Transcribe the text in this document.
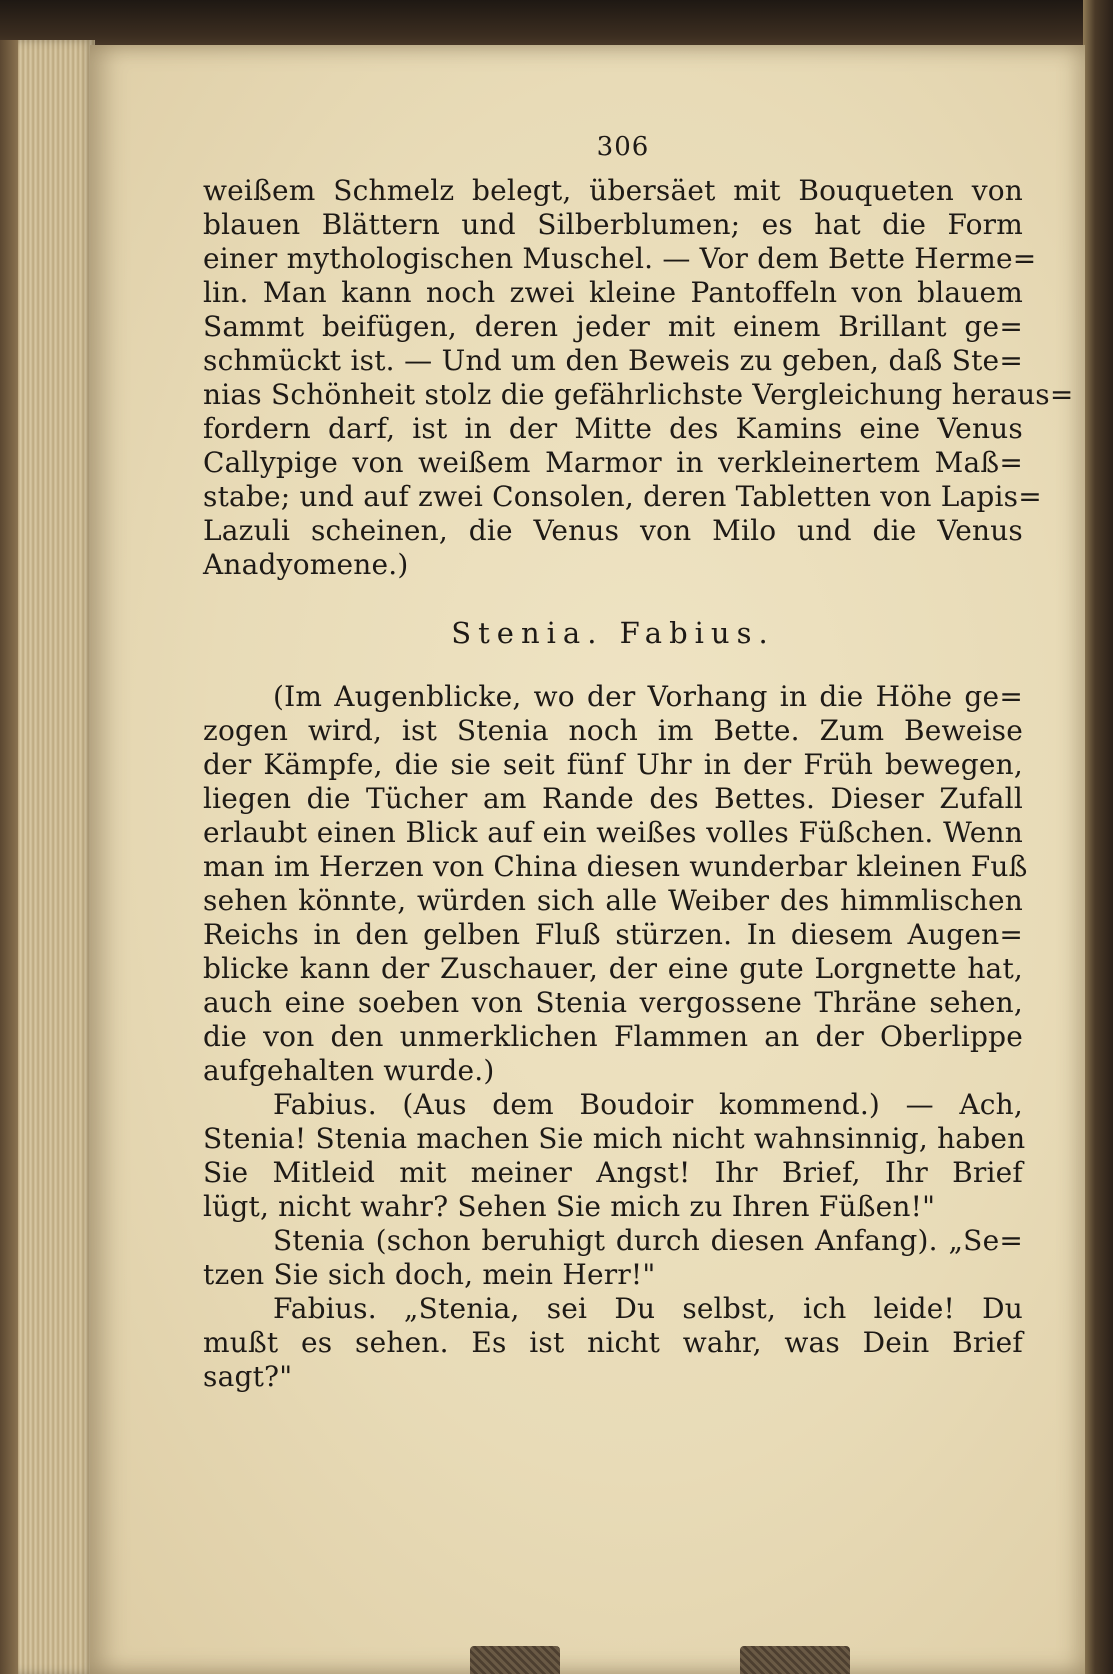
306
weißem Schmelz belegt, übersäet mit Bouqueten von
blauen Blättern und Silberblumen; es hat die Form
einer mythologischen Muschel. — Vor dem Bette Herme=
lin. Man kann noch zwei kleine Pantoffeln von blauem
Sammt beifügen, deren jeder mit einem Brillant ge=
schmückt ist. — Und um den Beweis zu geben, daß Ste=
nias Schönheit stolz die gefährlichste Vergleichung heraus=
fordern darf, ist in der Mitte des Kamins eine Venus
Callypige von weißem Marmor in verkleinertem Maß=
stabe; und auf zwei Consolen, deren Tabletten von Lapis=
Lazuli scheinen, die Venus von Milo und die Venus
Anadyomene.)
Stenia. Fabius.
(Im Augenblicke, wo der Vorhang in die Höhe ge=
zogen wird, ist Stenia noch im Bette. Zum Beweise
der Kämpfe, die sie seit fünf Uhr in der Früh bewegen,
liegen die Tücher am Rande des Bettes. Dieser Zufall
erlaubt einen Blick auf ein weißes volles Füßchen. Wenn
man im Herzen von China diesen wunderbar kleinen Fuß
sehen könnte, würden sich alle Weiber des himmlischen
Reichs in den gelben Fluß stürzen. In diesem Augen=
blicke kann der Zuschauer, der eine gute Lorgnette hat,
auch eine soeben von Stenia vergossene Thräne sehen,
die von den unmerklichen Flammen an der Oberlippe
aufgehalten wurde.)
Fabius. (Aus dem Boudoir kommend.) — Ach,
Stenia! Stenia machen Sie mich nicht wahnsinnig, haben
Sie Mitleid mit meiner Angst! Ihr Brief, Ihr Brief
lügt, nicht wahr? Sehen Sie mich zu Ihren Füßen!"
Stenia (schon beruhigt durch diesen Anfang). „Se=
tzen Sie sich doch, mein Herr!"
Fabius. „Stenia, sei Du selbst, ich leide! Du
mußt es sehen. Es ist nicht wahr, was Dein Brief
sagt?"
